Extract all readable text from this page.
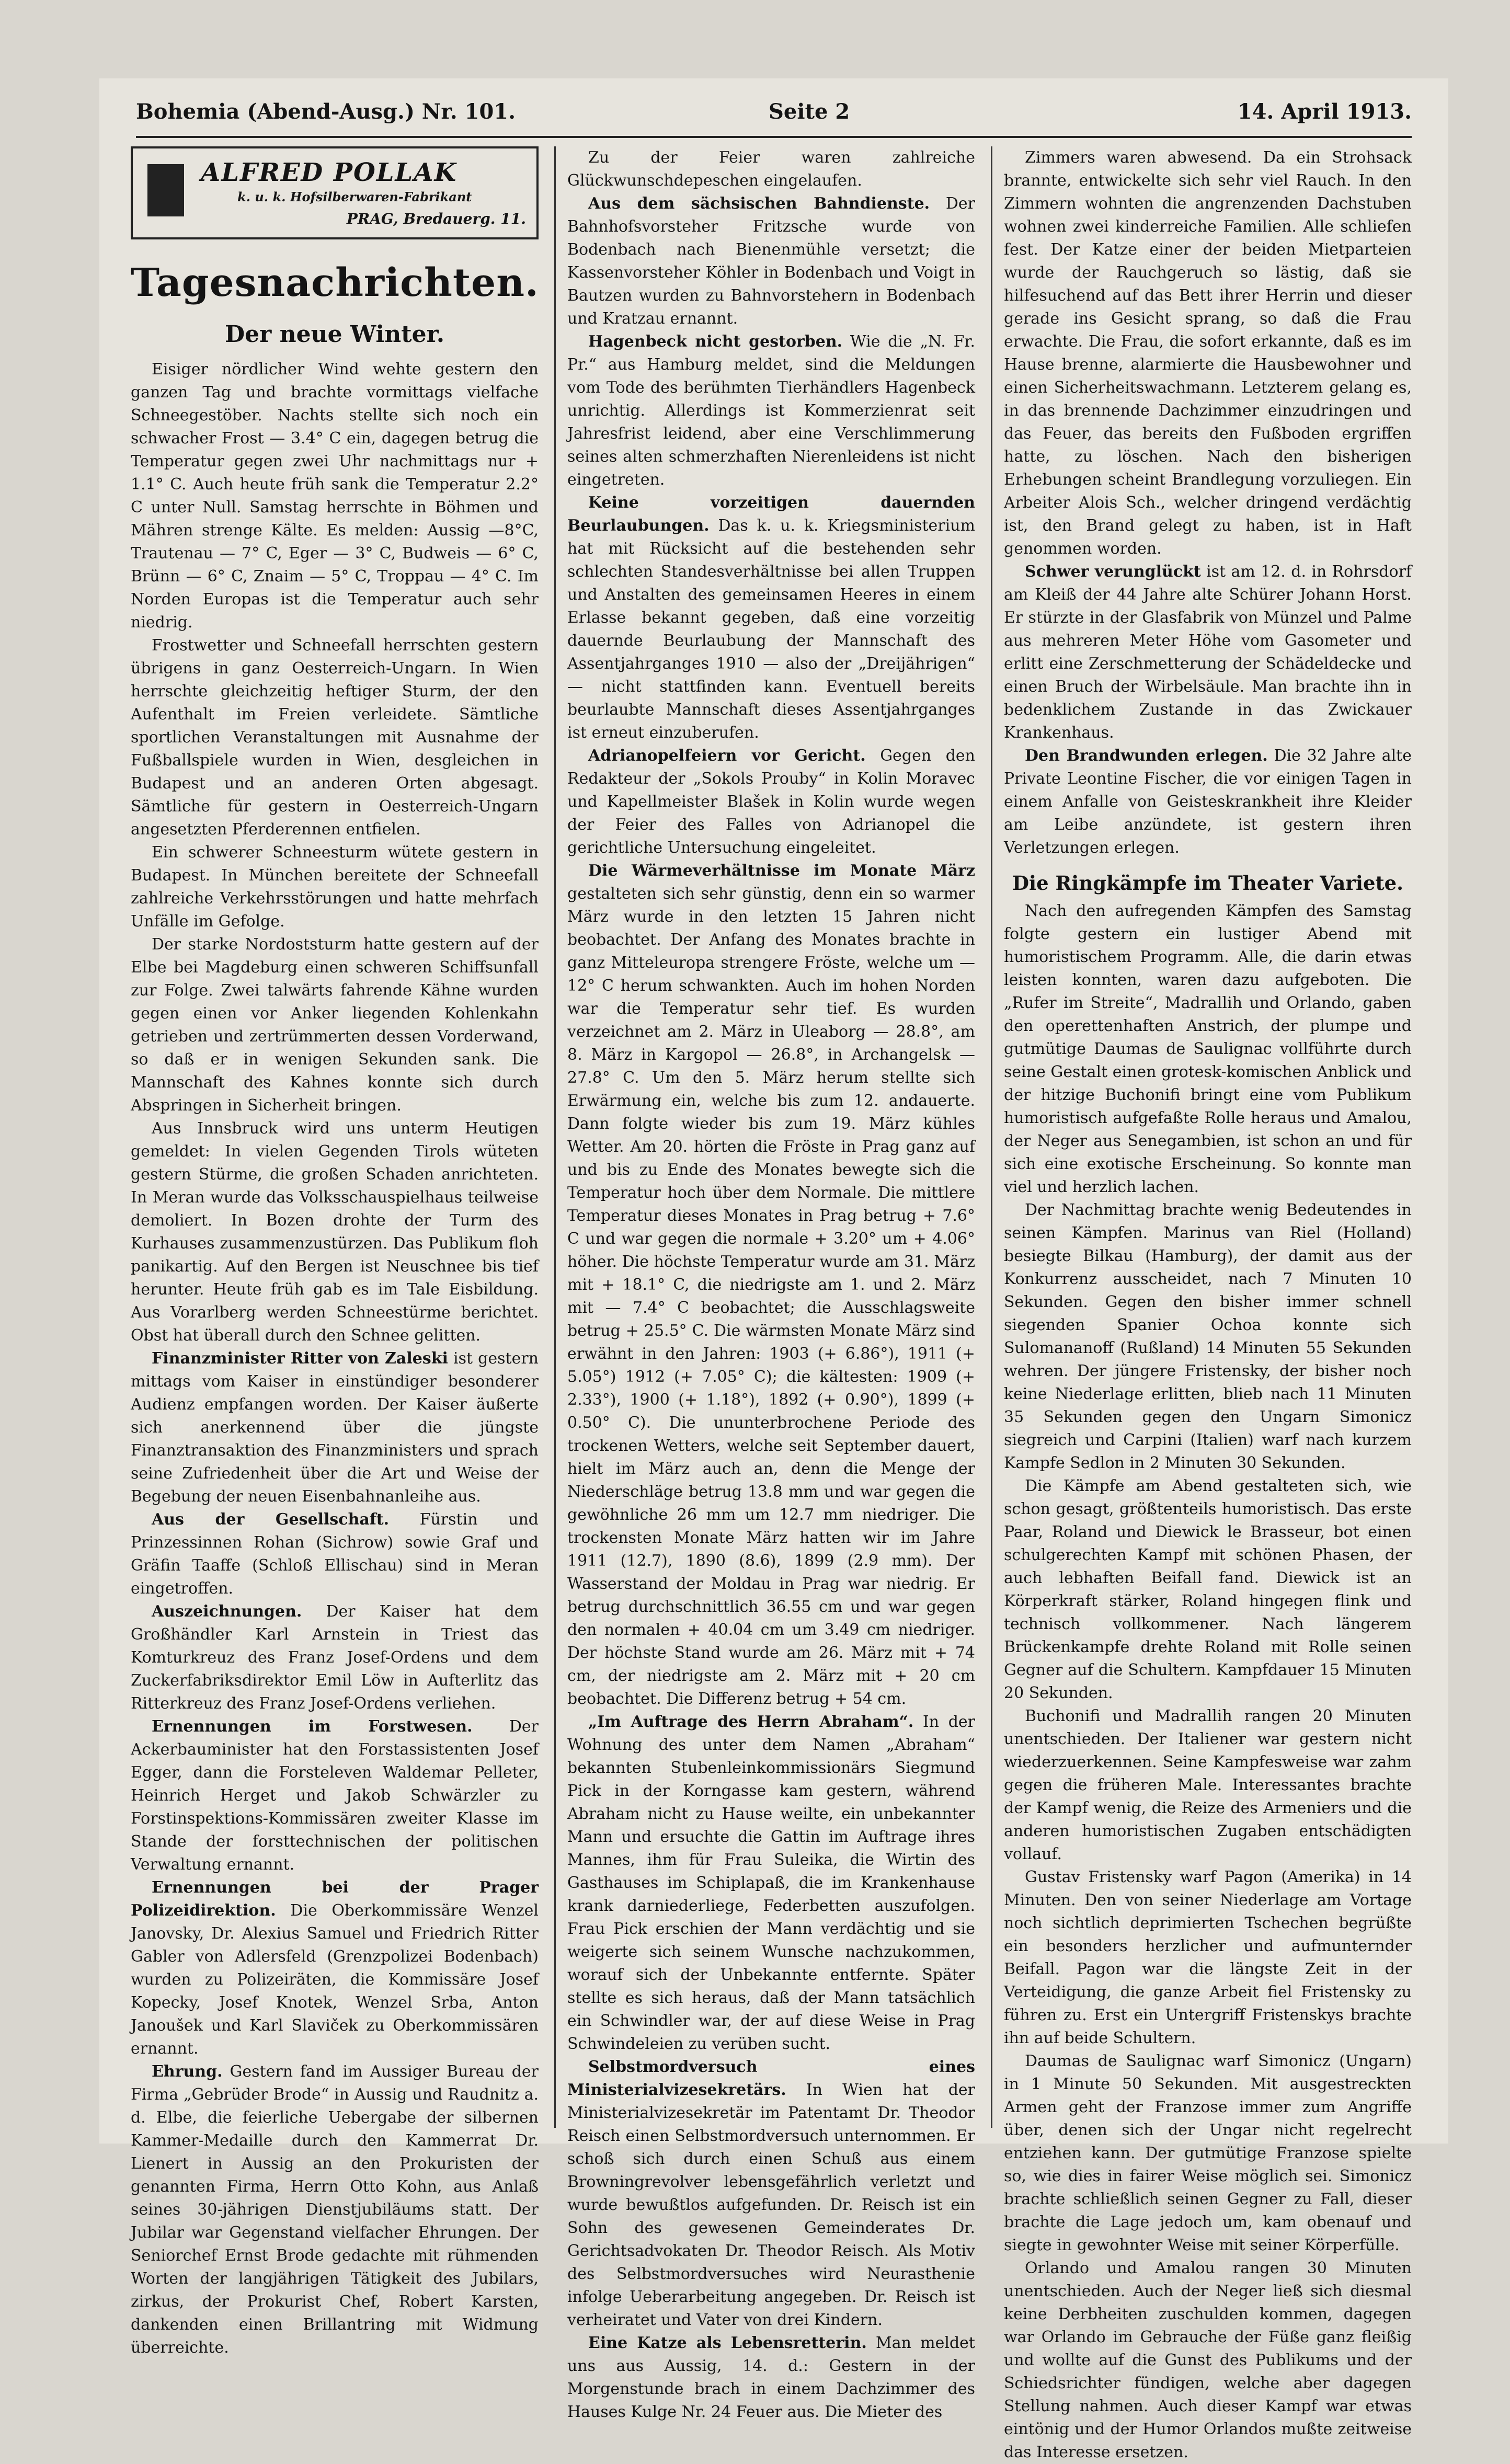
Bohemia (Abend-Ausg.) Nr. 101.	Seite 2	14. April 1913.
ALFRED POLLAK
k. u. k. Hofsilberwaren-Fabrikant
PRAG, Bredauerg. 11.
Tagesnachrichten.
Der neue Winter.

Eisiger nördlicher Wind wehte gestern den ganzen Tag und brachte vormittags vielfache Schneegestöber. Nachts stellte sich noch ein schwacher Frost — 3.4° C ein, dagegen betrug die Temperatur gegen zwei Uhr nachmittags nur + 1.1° C. Auch heute früh sank die Temperatur 2.2° C unter Null. Samstag herrschte in Böhmen und Mähren strenge Kälte. Es melden: Aussig —8°C, Trautenau — 7° C, Eger — 3° C, Budweis — 6° C, Brünn — 6° C, Znaim — 5° C, Troppau — 4° C. Im Norden Europas ist die Temperatur auch sehr niedrig.

Frostwetter und Schneefall herrschten gestern übrigens in ganz Oesterreich-Ungarn. In Wien herrschte gleichzeitig heftiger Sturm, der den Aufenthalt im Freien verleidete. Sämtliche sportlichen Veranstaltungen mit Ausnahme der Fußballspiele wurden in Wien, desgleichen in Budapest und an anderen Orten abgesagt. Sämtliche für gestern in Oesterreich-Ungarn angesetzten Pferderennen entfielen.

Ein schwerer Schneesturm wütete gestern in Budapest. In München bereitete der Schneefall zahlreiche Verkehrsstörungen und hatte mehrfach Unfälle im Gefolge.

Der starke Nordoststurm hatte gestern auf der Elbe bei Magdeburg einen schweren Schiffsunfall zur Folge. Zwei talwärts fahrende Kähne wurden gegen einen vor Anker liegenden Kohlenkahn getrieben und zertrümmerten dessen Vorderwand, so daß er in wenigen Sekunden sank. Die Mannschaft des Kahnes konnte sich durch Abspringen in Sicherheit bringen.

Aus Innsbruck wird uns unterm Heutigen gemeldet: In vielen Gegenden Tirols wüteten gestern Stürme, die großen Schaden anrichteten. In Meran wurde das Volksschauspielhaus teilweise demoliert. In Bozen drohte der Turm des Kurhauses zusammenzustürzen. Das Publikum floh panikartig. Auf den Bergen ist Neuschnee bis tief herunter. Heute früh gab es im Tale Eisbildung. Aus Vorarlberg werden Schneestürme berichtet. Obst hat überall durch den Schnee gelitten.

Finanzminister Ritter von Zaleski ist gestern mittags vom Kaiser in einstündiger besonderer Audienz empfangen worden. Der Kaiser äußerte sich anerkennend über die jüngste Finanztransaktion des Finanzministers und sprach seine Zufriedenheit über die Art und Weise der Begebung der neuen Eisenbahnanleihe aus.

Aus der Gesellschaft. Fürstin und Prinzessinnen Rohan (Sichrow) sowie Graf und Gräfin Taaffe (Schloß Ellischau) sind in Meran eingetroffen.

Auszeichnungen. Der Kaiser hat dem Großhändler Karl Arnstein in Triest das Komturkreuz des Franz Josef-Ordens und dem Zuckerfabriksdirektor Emil Löw in Aufterlitz das Ritterkreuz des Franz Josef-Ordens verliehen.

Ernennungen im Forstwesen. Der Ackerbauminister hat den Forstassistenten Josef Egger, dann die Forsteleven Waldemar Pelleter, Heinrich Herget und Jakob Schwärzler zu Forstinspektions-Kommissären zweiter Klasse im Stande der forsttechnischen der politischen Verwaltung ernannt.

Ernennungen bei der Prager Polizeidirektion. Die Oberkommissäre Wenzel Janovsky, Dr. Alexius Samuel und Friedrich Ritter Gabler von Adlersfeld (Grenzpolizei Bodenbach) wurden zu Polizeiräten, die Kommissäre Josef Kopecky, Josef Knotek, Wenzel Srba, Anton Janoušek und Karl Slaviček zu Oberkommissären ernannt.

Ehrung. Gestern fand im Aussiger Bureau der Firma „Gebrüder Brode“ in Aussig und Raudnitz a. d. Elbe, die feierliche Uebergabe der silbernen Kammer-Medaille durch den Kammerrat Dr. Lienert in Aussig an den Prokuristen der genannten Firma, Herrn Otto Kohn, aus Anlaß seines 30-jährigen Dienstjubiläums statt. Der Jubilar war Gegenstand vielfacher Ehrungen. Der Seniorchef Ernst Brode gedachte mit rühmenden Worten der langjährigen Tätigkeit des Jubilars, zirkus, der Prokurist Chef, Robert Karsten, dankenden einen Brillantring mit Widmung überreichte.

Zu der Feier waren zahlreiche Glückwunschdepeschen eingelaufen.

Aus dem sächsischen Bahndienste. Der Bahnhofsvorsteher Fritzsche wurde von Bodenbach nach Bienenmühle versetzt; die Kassenvorsteher Köhler in Bodenbach und Voigt in Bautzen wurden zu Bahnvorstehern in Bodenbach und Kratzau ernannt.

Hagenbeck nicht gestorben. Wie die „N. Fr. Pr.“ aus Hamburg meldet, sind die Meldungen vom Tode des berühmten Tierhändlers Hagenbeck unrichtig. Allerdings ist Kommerzienrat seit Jahresfrist leidend, aber eine Verschlimmerung seines alten schmerzhaften Nierenleidens ist nicht eingetreten.

Keine vorzeitigen dauernden Beurlaubungen. Das k. u. k. Kriegsministerium hat mit Rücksicht auf die bestehenden sehr schlechten Standesverhältnisse bei allen Truppen und Anstalten des gemeinsamen Heeres in einem Erlasse bekannt gegeben, daß eine vorzeitig dauernde Beurlaubung der Mannschaft des Assentjahrganges 1910 — also der „Dreijährigen“ — nicht stattfinden kann. Eventuell bereits beurlaubte Mannschaft dieses Assentjahrganges ist erneut einzuberufen.

Adrianopelfeiern vor Gericht. Gegen den Redakteur der „Sokols Prouby“ in Kolin Moravec und Kapellmeister Blašek in Kolin wurde wegen der Feier des Falles von Adrianopel die gerichtliche Untersuchung eingeleitet.

Die Wärmeverhältnisse im Monate März gestalteten sich sehr günstig, denn ein so warmer März wurde in den letzten 15 Jahren nicht beobachtet. Der Anfang des Monates brachte in ganz Mitteleuropa strengere Fröste, welche um — 12° C herum schwankten. Auch im hohen Norden war die Temperatur sehr tief. Es wurden verzeichnet am 2. März in Uleaborg — 28.8°, am 8. März in Kargopol — 26.8°, in Archangelsk — 27.8° C. Um den 5. März herum stellte sich Erwärmung ein, welche bis zum 12. andauerte. Dann folgte wieder bis zum 19. März kühles Wetter. Am 20. hörten die Fröste in Prag ganz auf und bis zu Ende des Monates bewegte sich die Temperatur hoch über dem Normale. Die mittlere Temperatur dieses Monates in Prag betrug + 7.6° C und war gegen die normale + 3.20° um + 4.06° höher. Die höchste Temperatur wurde am 31. März mit + 18.1° C, die niedrigste am 1. und 2. März mit — 7.4° C beobachtet; die Ausschlagsweite betrug + 25.5° C. Die wärmsten Monate März sind erwähnt in den Jahren: 1903 (+ 6.86°), 1911 (+ 5.05°) 1912 (+ 7.05° C); die kältesten: 1909 (+ 2.33°), 1900 (+ 1.18°), 1892 (+ 0.90°), 1899 (+ 0.50° C). Die ununterbrochene Periode des trockenen Wetters, welche seit September dauert, hielt im März auch an, denn die Menge der Niederschläge betrug 13.8 mm und war gegen die gewöhnliche 26 mm um 12.7 mm niedriger. Die trockensten Monate März hatten wir im Jahre 1911 (12.7), 1890 (8.6), 1899 (2.9 mm). Der Wasserstand der Moldau in Prag war niedrig. Er betrug durchschnittlich 36.55 cm und war gegen den normalen + 40.04 cm um 3.49 cm niedriger. Der höchste Stand wurde am 26. März mit + 74 cm, der niedrigste am 2. März mit + 20 cm beobachtet. Die Differenz betrug + 54 cm.

„Im Auftrage des Herrn Abraham“. In der Wohnung des unter dem Namen „Abraham“ bekannten Stubenleinkommissionärs Siegmund Pick in der Korngasse kam gestern, während Abraham nicht zu Hause weilte, ein unbekannter Mann und ersuchte die Gattin im Auftrage ihres Mannes, ihm für Frau Suleika, die Wirtin des Gasthauses im Schiplapaß, die im Krankenhause krank darniederliege, Federbetten auszufolgen. Frau Pick erschien der Mann verdächtig und sie weigerte sich seinem Wunsche nachzukommen, worauf sich der Unbekannte entfernte. Später stellte es sich heraus, daß der Mann tatsächlich ein Schwindler war, der auf diese Weise in Prag Schwindeleien zu verüben sucht.

Selbstmordversuch eines Ministerialvizesekretärs. In Wien hat der Ministerialvizesekretär im Patentamt Dr. Theodor Reisch einen Selbstmordversuch unternommen. Er schoß sich durch einen Schuß aus einem Browningrevolver lebensgefährlich verletzt und wurde bewußtlos aufgefunden. Dr. Reisch ist ein Sohn des gewesenen Gemeinderates Dr. Gerichtsadvokaten Dr. Theodor Reisch. Als Motiv des Selbstmordversuches wird Neurasthenie infolge Ueberarbeitung angegeben. Dr. Reisch ist verheiratet und Vater von drei Kindern.

Eine Katze als Lebensretterin. Man meldet uns aus Aussig, 14. d.: Gestern in der Morgenstunde brach in einem Dachzimmer des Hauses Kulge Nr. 24 Feuer aus. Die Mieter des

Zimmers waren abwesend. Da ein Strohsack brannte, entwickelte sich sehr viel Rauch. In den Zimmern wohnten die angrenzenden Dachstuben wohnen zwei kinderreiche Familien. Alle schliefen fest. Der Katze einer der beiden Mietparteien wurde der Rauchgeruch so lästig, daß sie hilfesuchend auf das Bett ihrer Herrin und dieser gerade ins Gesicht sprang, so daß die Frau erwachte. Die Frau, die sofort erkannte, daß es im Hause brenne, alarmierte die Hausbewohner und einen Sicherheitswachmann. Letzterem gelang es, in das brennende Dachzimmer einzudringen und das Feuer, das bereits den Fußboden ergriffen hatte, zu löschen. Nach den bisherigen Erhebungen scheint Brandlegung vorzuliegen. Ein Arbeiter Alois Sch., welcher dringend verdächtig ist, den Brand gelegt zu haben, ist in Haft genommen worden.

Schwer verunglückt ist am 12. d. in Rohrsdorf am Kleiß der 44 Jahre alte Schürer Johann Horst. Er stürzte in der Glasfabrik von Münzel und Palme aus mehreren Meter Höhe vom Gasometer und erlitt eine Zerschmetterung der Schädeldecke und einen Bruch der Wirbelsäule. Man brachte ihn in bedenklichem Zustande in das Zwickauer Krankenhaus.

Den Brandwunden erlegen. Die 32 Jahre alte Private Leontine Fischer, die vor einigen Tagen in einem Anfalle von Geisteskrankheit ihre Kleider am Leibe anzündete, ist gestern ihren Verletzungen erlegen.

Die Ringkämpfe im Theater Variete.

Nach den aufregenden Kämpfen des Samstag folgte gestern ein lustiger Abend mit humoristischem Programm. Alle, die darin etwas leisten konnten, waren dazu aufgeboten. Die „Rufer im Streite“, Madrallih und Orlando, gaben den operettenhaften Anstrich, der plumpe und gutmütige Daumas de Saulignac vollführte durch seine Gestalt einen grotesk-komischen Anblick und der hitzige Buchonifi bringt eine vom Publikum humoristisch aufgefaßte Rolle heraus und Amalou, der Neger aus Senegambien, ist schon an und für sich eine exotische Erscheinung. So konnte man viel und herzlich lachen.

Der Nachmittag brachte wenig Bedeutendes in seinen Kämpfen. Marinus van Riel (Holland) besiegte Bilkau (Hamburg), der damit aus der Konkurrenz ausscheidet, nach 7 Minuten 10 Sekunden. Gegen den bisher immer schnell siegenden Spanier Ochoa konnte sich Sulomananoff (Rußland) 14 Minuten 55 Sekunden wehren. Der jüngere Fristensky, der bisher noch keine Niederlage erlitten, blieb nach 11 Minuten 35 Sekunden gegen den Ungarn Simonicz siegreich und Carpini (Italien) warf nach kurzem Kampfe Sedlon in 2 Minuten 30 Sekunden.

Die Kämpfe am Abend gestalteten sich, wie schon gesagt, größtenteils humoristisch. Das erste Paar, Roland und Diewick le Brasseur, bot einen schulgerechten Kampf mit schönen Phasen, der auch lebhaften Beifall fand. Diewick ist an Körperkraft stärker, Roland hingegen flink und technisch vollkommener. Nach längerem Brückenkampfe drehte Roland mit Rolle seinen Gegner auf die Schultern. Kampfdauer 15 Minuten 20 Sekunden.

Buchonifi und Madrallih rangen 20 Minuten unentschieden. Der Italiener war gestern nicht wiederzuerkennen. Seine Kampfesweise war zahm gegen die früheren Male. Interessantes brachte der Kampf wenig, die Reize des Armeniers und die anderen humoristischen Zugaben entschädigten vollauf.

Gustav Fristensky warf Pagon (Amerika) in 14 Minuten. Den von seiner Niederlage am Vortage noch sichtlich deprimierten Tschechen begrüßte ein besonders herzlicher und aufmunternder Beifall. Pagon war die längste Zeit in der Verteidigung, die ganze Arbeit fiel Fristensky zu führen zu. Erst ein Untergriff Fristenskys brachte ihn auf beide Schultern.

Daumas de Saulignac warf Simonicz (Ungarn) in 1 Minute 50 Sekunden. Mit ausgestreckten Armen geht der Franzose immer zum Angriffe über, denen sich der Ungar nicht regelrecht entziehen kann. Der gutmütige Franzose spielte so, wie dies in fairer Weise möglich sei. Simonicz brachte schließlich seinen Gegner zu Fall, dieser brachte die Lage jedoch um, kam obenauf und siegte in gewohnter Weise mit seiner Körperfülle.

Orlando und Amalou rangen 30 Minuten unentschieden. Auch der Neger ließ sich diesmal keine Derbheiten zuschulden kommen, dagegen war Orlando im Gebrauche der Füße ganz fleißig und wollte auf die Gunst des Publikums und der Schiedsrichter fündigen, welche aber dagegen Stellung nahmen. Auch dieser Kampf war etwas eintönig und der Humor Orlandos mußte zeitweise das Interesse ersetzen.
